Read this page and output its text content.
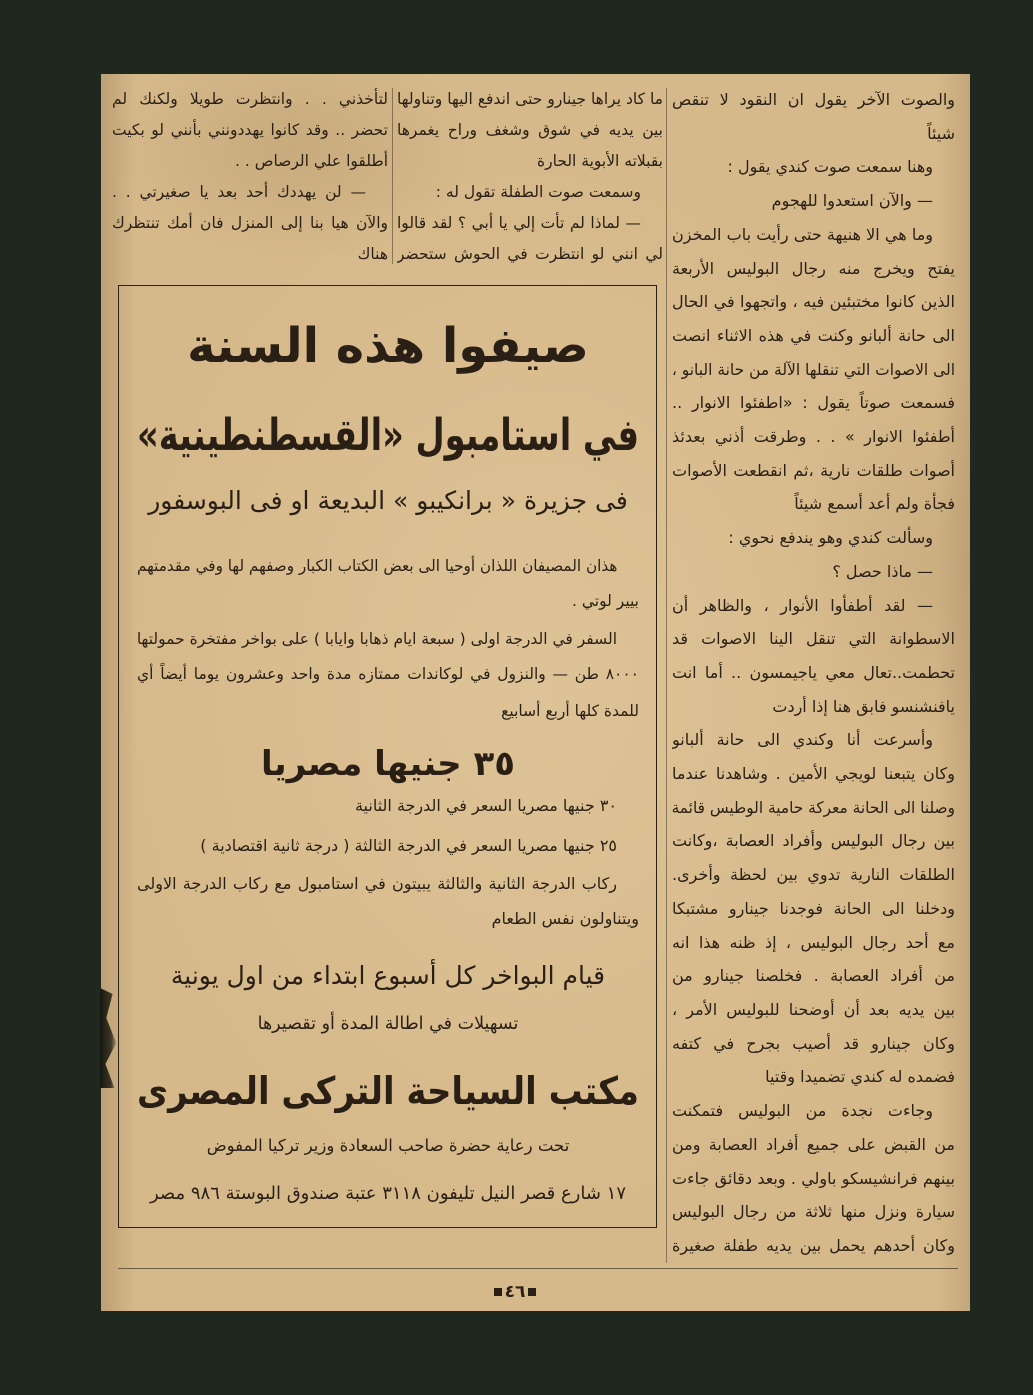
والصوت الآخر يقول ان النقود لا تنقص
شيئاً
وهنا سمعت صوت كندي يقول :
— والآن استعدوا للهجوم
وما هي الا هنيهة حتى رأيت باب المخزن
يفتح ويخرج منه رجال البوليس الأربعة
الذين كانوا مختبئين فيه ، واتجهوا في الحال
الى حانة ألبانو وكنت في هذه الاثناء انصت
الى الاصوات التي تنقلها الآلة من حانة البانو ،
فسمعت صوتاً يقول : «اطفئوا الانوار ..
أطفئوا الانوار » . . وطرقت أذني بعدئذ
أصوات طلقات نارية ،ثم انقطعت الأصوات
فجأة ولم أعد أسمع شيئاً
وسألت كندي وهو يندفع نحوي :
— ماذا حصل ؟
— لقد أطفأوا الأنوار ، والظاهر أن
الاسطوانة التي تنقل الينا الاصوات قد
تحطمت..تعال معي ياجيمسون .. أما انت
يافنشنسو فابق هنا إذا أردت
وأسرعت أنا وكندي الى حانة ألبانو
وكان يتبعنا لويجي الأمين . وشاهدنا عندما
وصلنا الى الحانة معركة حامية الوطيس قائمة
بين رجال البوليس وأفراد العصابة ،وكانت
الطلقات النارية تدوي بين لحظة وأخرى.
ودخلنا الى الحانة فوجدنا جينارو مشتبكا
مع أحد رجال البوليس ، إذ ظنه هذا انه
من أفراد العصابة . فخلصنا جينارو من
بين يديه بعد أن أوضحنا للبوليس الأمر ،
وكان جينارو قد أصيب بجرح في كتفه
فضمده له كندي تضميدا وقتيا
وجاءت نجدة من البوليس فتمكنت
من القبض على جميع أفراد العصابة ومن
بينهم فرانشيسكو باولي . وبعد دقائق جاءت
سيارة ونزل منها ثلاثة من رجال البوليس
وكان أحدهم يحمل بين يديه طفلة صغيرة
ما كاد يراها جينارو حتى اندفع اليها وتناولها
بين يديه في شوق وشغف وراح يغمرها
بقبلاته الأبوية الحارة
وسمعت صوت الطفلة تقول له :
— لماذا لم تأت إلي يا أبي ؟ لقد قالوا
لي انني لو انتظرت في الحوش ستحضر
لتأخذني . . وانتظرت طويلا ولكنك لم
تحضر .. وقد كانوا يهددونني بأنني لو بكيت
أطلقوا علي الرصاص . .
— لن يهددك أحد بعد يا صغيرتي . .
والآن هيا بنا إلى المنزل فان أمك تنتظرك
هناك
صيفوا هذه السنة
في استامبول «القسطنطينية»
فى جزيرة « برانكيبو » البديعة او فى البوسفور
هذان المصيفان اللذان أوحيا الى بعض الكتاب الكبار وصفهم لها وفي مقدمتهم
بيير لوتي .
السفر في الدرجة اولى ( سبعة ايام ذهابا وايابا ) على بواخر مفتخرة حمولتها
٨٠٠٠ طن — والنزول في لوكاندات ممتازه مدة واحد وعشرون يوما أيضاً أي
للمدة كلها أربع أسابيع
٣٥ جنيها مصريا
٣٠ جنيها مصريا السعر في الدرجة الثانية
٢٥ جنيها مصريا السعر في الدرجة الثالثة ( درجة ثانية اقتصادية )
ركاب الدرجة الثانية والثالثة يبيتون في استامبول مع ركاب الدرجة الاولى
ويتناولون نفس الطعام
قيام البواخر كل أسبوع ابتداء من اول يونية
تسهيلات في اطالة المدة أو تقصيرها
مكتب السياحة التركى المصرى
تحت رعاية حضرة صاحب السعادة وزير تركيا المفوض
١٧ شارع قصر النيل تليفون ٣١١٨ عتبة صندوق البوستة ٩٨٦ مصر
٤٦
